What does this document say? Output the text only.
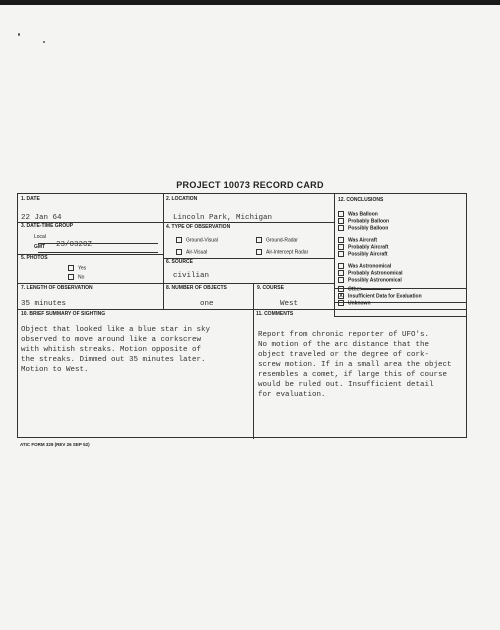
PROJECT 10073 RECORD CARD
1. DATE
22 Jan 64
2. LOCATION
Lincoln Park, Michigan
3. DATE-TIME GROUP
Local
GMT 23/0320Z
4. TYPE OF OBSERVATION
Ground-Visual	Ground-Radar
Air-Visual	Air-Intercept Radar
5. PHOTOS
Yes
No
6. SOURCE
civilian
7. LENGTH OF OBSERVATION
35 minutes
8. NUMBER OF OBJECTS
one
9. COURSE
West
10. BRIEF SUMMARY OF SIGHTING
Object that looked like a blue star in sky
observed to move around like a corkscrew
with whitish streaks. Motion opposite of
the streaks. Dimmed out 35 minutes later.
Motion to West.
11. COMMENTS
Report from chronic reporter of UFO's.
No motion of the arc distance that the
object traveled or the degree of cork-
screw motion. If in a small area the object
resembles a comet, if large this of course
would be ruled out. Insufficient detail
for evaluation.
12. CONCLUSIONS
Was Balloon
Probably Balloon
Possibly Balloon
Was Aircraft
Probably Aircraft
Possibly Aircraft
Was Astronomical
Probably Astronomical
Possibly Astronomical
Other
X Insufficient Data for Evaluation
Unknown
ATIC FORM 329 (REV 26 SEP 52)
